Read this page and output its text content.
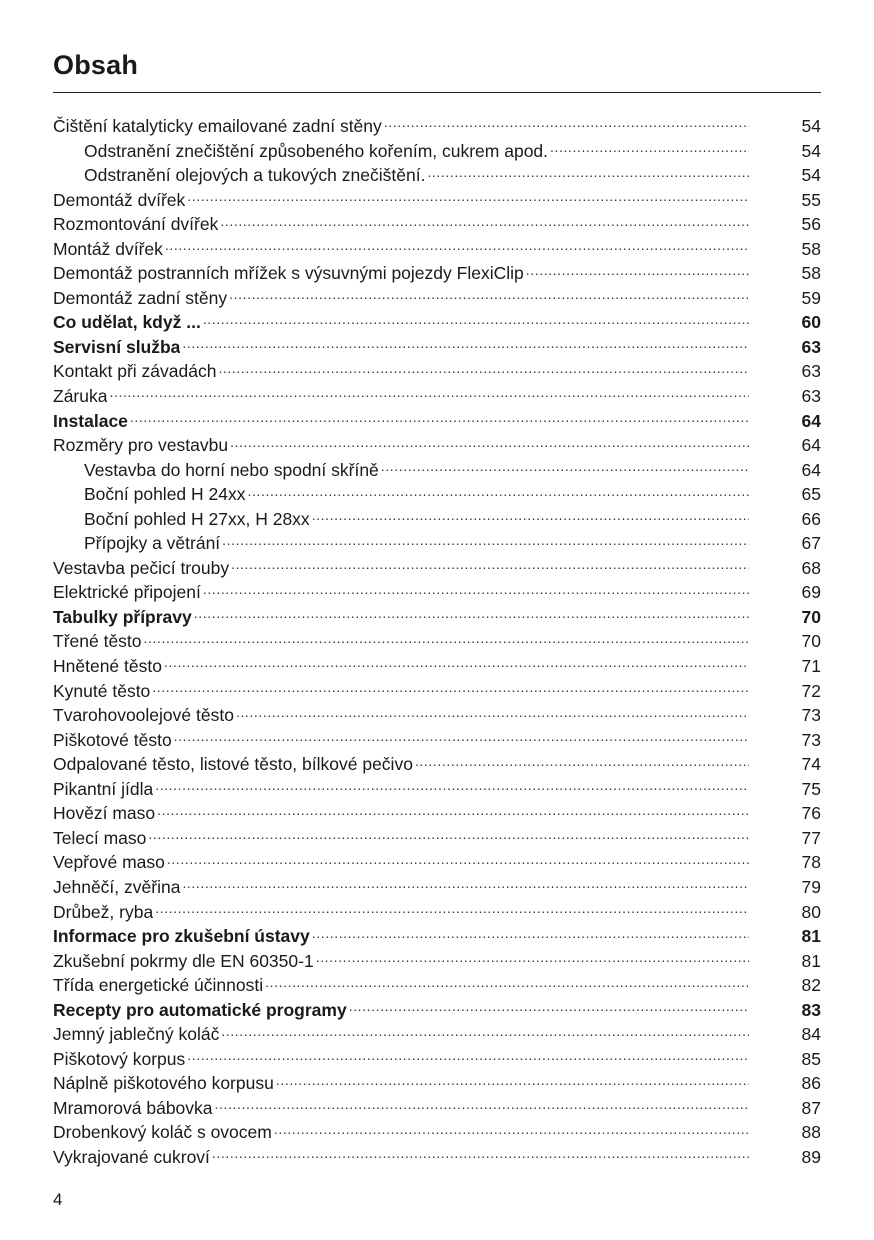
Obsah
Čištění katalyticky emailované zadní stěny .....	54
Odstranění znečištění způsobeného kořením, cukrem apod. .....	54
Odstranění olejových a tukových znečištění. .....	54
Demontáž dvířek .....	55
Rozmontování dvířek .....	56
Montáž dvířek .....	58
Demontáž postranních mřížek s výsuvnými pojezdy FlexiClip .....	58
Demontáž zadní stěny .....	59
Co udělat, když ... .....	60
Servisní služba .....	63
Kontakt při závadách .....	63
Záruka .....	63
Instalace .....	64
Rozměry pro vestavbu .....	64
Vestavba do horní nebo spodní skříně .....	64
Boční pohled H 24xx .....	65
Boční pohled H 27xx, H 28xx .....	66
Přípojky a větrání .....	67
Vestavba pečicí trouby .....	68
Elektrické připojení .....	69
Tabulky přípravy .....	70
Třené těsto .....	70
Hnětené těsto .....	71
Kynuté těsto .....	72
Tvarohovoolejové těsto .....	73
Piškotové těsto .....	73
Odpalované těsto, listové těsto, bílkové pečivo .....	74
Pikantní jídla .....	75
Hovězí maso .....	76
Telecí maso .....	77
Vepřové maso .....	78
Jehněčí, zvěřina .....	79
Drůbež, ryba .....	80
Informace pro zkušební ústavy .....	81
Zkušební pokrmy dle EN 60350-1 .....	81
Třída energetické účinnosti .....	82
Recepty pro automatické programy .....	83
Jemný jablečný koláč .....	84
Piškotový korpus .....	85
Náplně piškotového korpusu .....	86
Mramorová bábovka .....	87
Drobenkový koláč s ovocem .....	88
Vykrajované cukroví .....	89
4
